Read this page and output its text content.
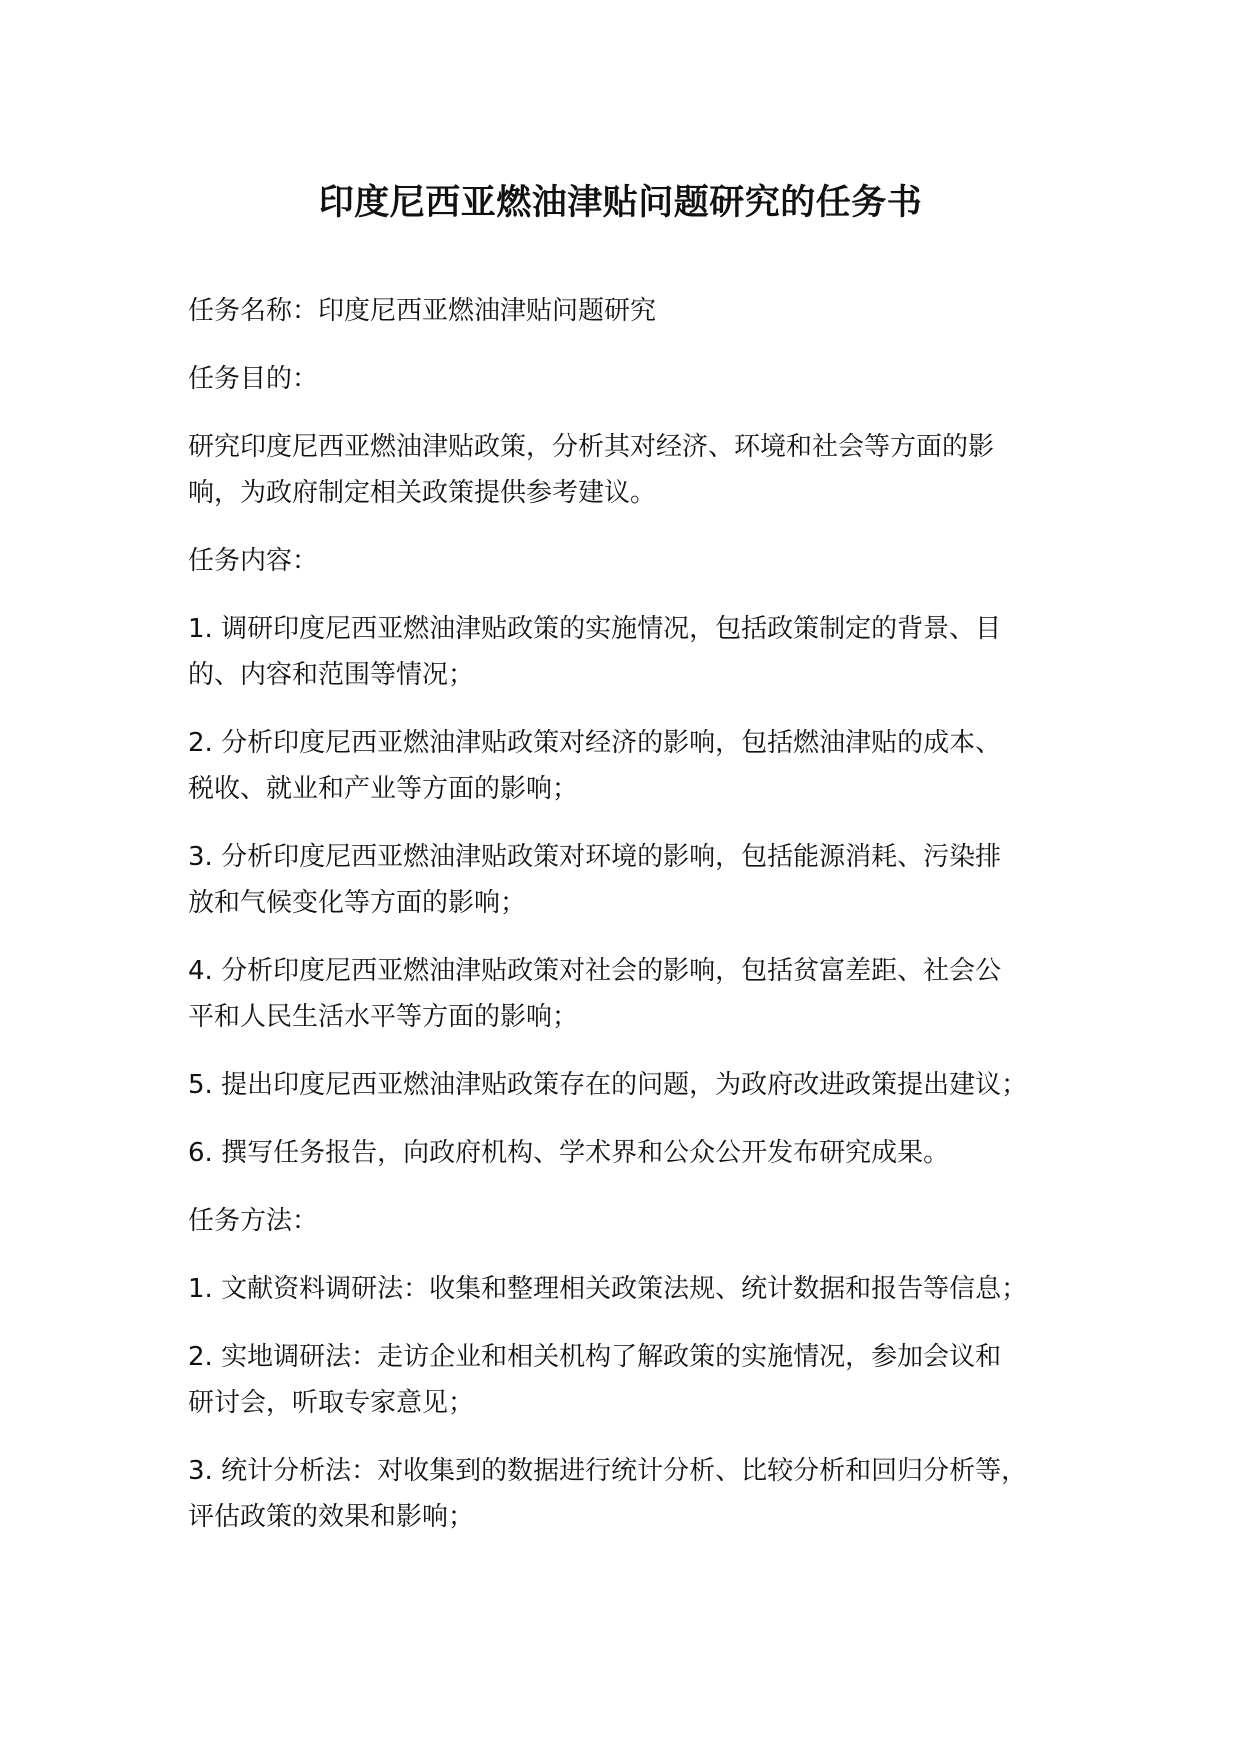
印度尼西亚燃油津贴问题研究的任务书

任务名称：印度尼西亚燃油津贴问题研究

任务目的：

研究印度尼西亚燃油津贴政策，分析其对经济、环境和社会等方面的影
响，为政府制定相关政策提供参考建议。

任务内容：

1. 调研印度尼西亚燃油津贴政策的实施情况，包括政策制定的背景、目
的、内容和范围等情况；

2. 分析印度尼西亚燃油津贴政策对经济的影响，包括燃油津贴的成本、
税收、就业和产业等方面的影响；

3. 分析印度尼西亚燃油津贴政策对环境的影响，包括能源消耗、污染排
放和气候变化等方面的影响；

4. 分析印度尼西亚燃油津贴政策对社会的影响，包括贫富差距、社会公
平和人民生活水平等方面的影响；

5. 提出印度尼西亚燃油津贴政策存在的问题，为政府改进政策提出建议；

6. 撰写任务报告，向政府机构、学术界和公众公开发布研究成果。

任务方法：

1. 文献资料调研法：收集和整理相关政策法规、统计数据和报告等信息；

2. 实地调研法：走访企业和相关机构了解政策的实施情况，参加会议和
研讨会，听取专家意见；

3. 统计分析法：对收集到的数据进行统计分析、比较分析和回归分析等，
评估政策的效果和影响；
